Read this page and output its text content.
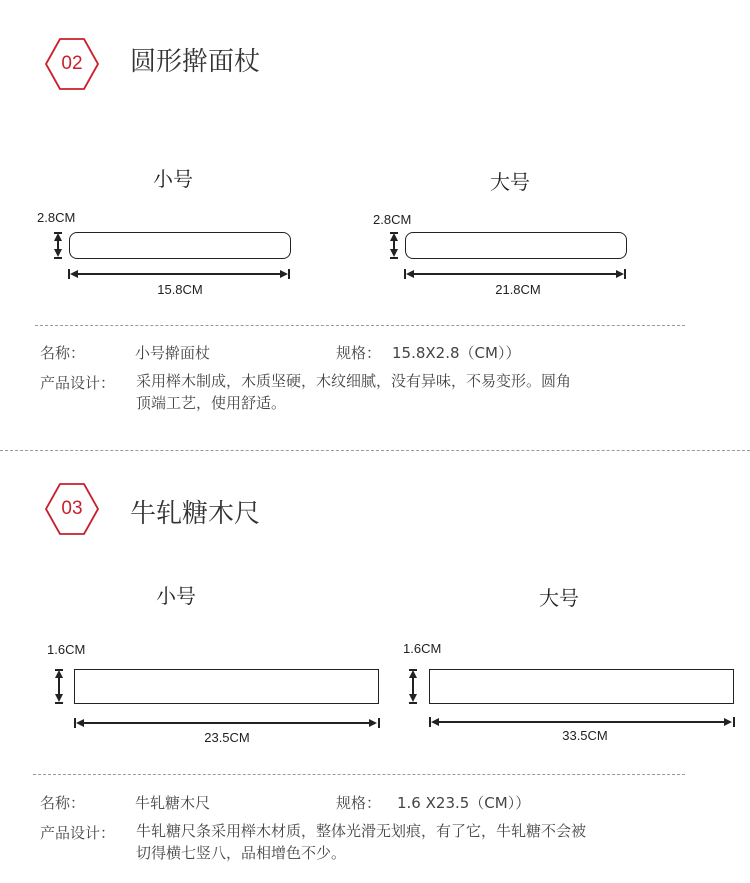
02	圆形擀面杖
小号
2.8CM
15.8CM
大号
2.8CM
21.8CM
名称：	小号擀面杖	规格： 15.8X2.8（CM））
产品设计： 采用榉木制成，木质坚硬，木纹细腻，没有异味，不易变形。圆角
顶端工艺，使用舒适。
03	牛轧糖木尺
小号
1.6CM
23.5CM
大号
1.6CM
33.5CM
名称：	牛轧糖木尺	规格： 1.6 X23.5（CM））
产品设计： 牛轧糖尺条采用榉木材质，整体光滑无划痕，有了它，牛轧糖不会被
切得横七竖八，品相增色不少。
